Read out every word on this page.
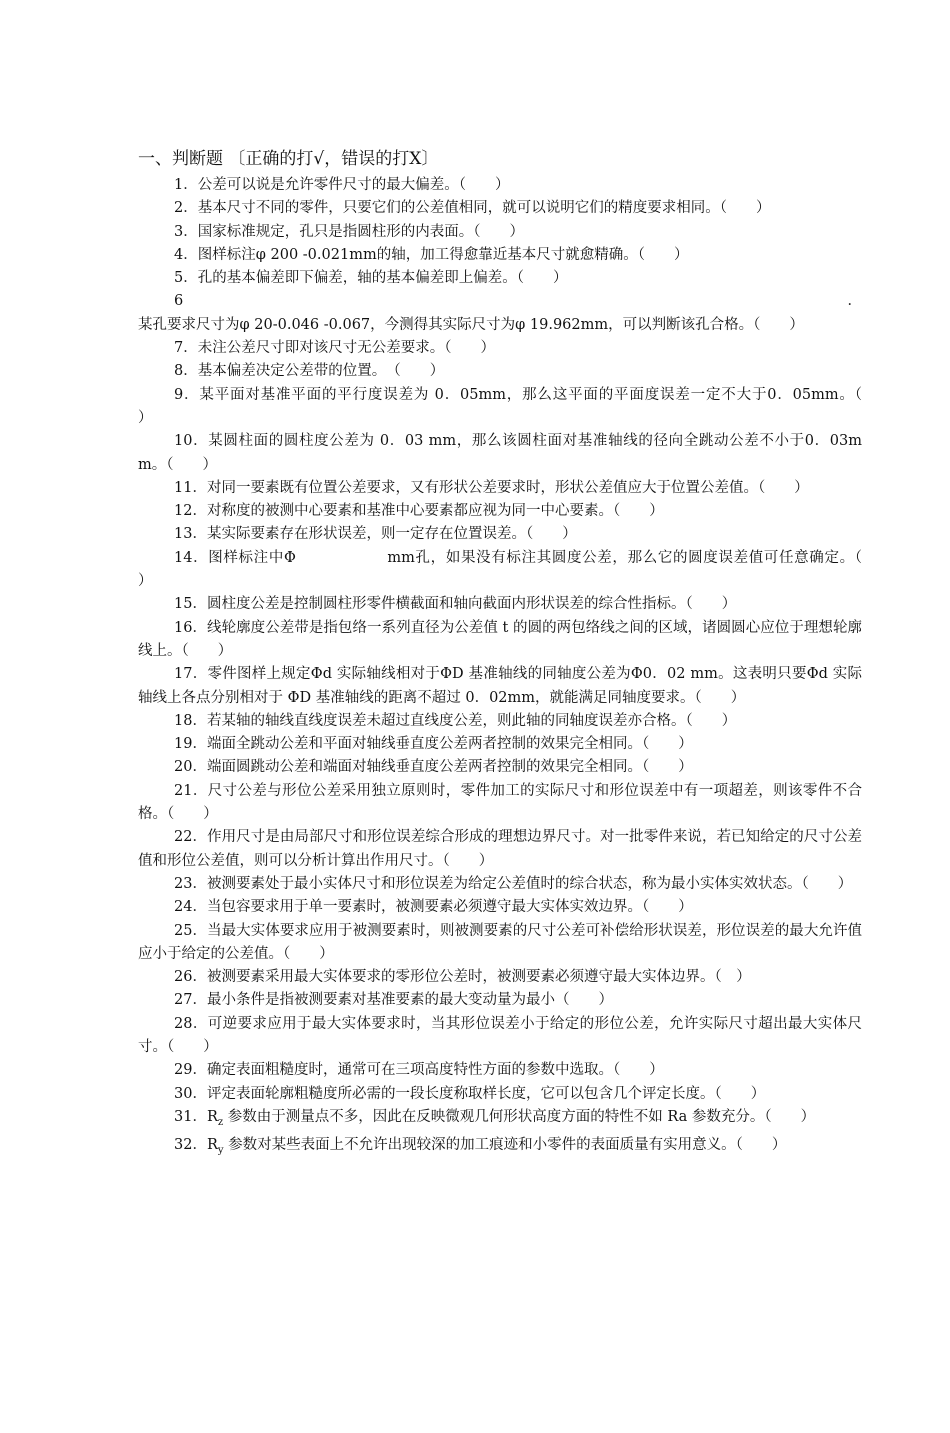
一、判断题 〔正确的打√，错误的打X〕
1．公差可以说是允许零件尺寸的最大偏差。（　　）
2．基本尺寸不同的零件，只要它们的公差值相同，就可以说明它们的精度要求相同。（　　）
3．国家标准规定，孔只是指圆柱形的内表面。（　　）
4．图样标注φ 200 -0.021mm的轴，加工得愈靠近基本尺寸就愈精确。（　　）
5．孔的基本偏差即下偏差，轴的基本偏差即上偏差。（　　）
6．某孔要求尺寸为φ 20-0.046 -0.067，今测得其实际尺寸为φ 19.962mm，可以判断该孔合格。（　　）
7．未注公差尺寸即对该尺寸无公差要求。（　　）
8．基本偏差决定公差带的位置。　（　　）
9．某平面对基准平面的平行度误差为 0．05mm，那么这平面的平面度误差一定不大于0．05mm。（　　）
10．某圆柱面的圆柱度公差为 0．03 mm，那么该圆柱面对基准轴线的径向全跳动公差不小于0．03mm。（　　）
11．对同一要素既有位置公差要求，又有形状公差要求时，形状公差值应大于位置公差值。（　　）
12．对称度的被测中心要素和基准中心要素都应视为同一中心要素。（　　）
13．某实际要素存在形状误差，则一定存在位置误差。（　　）
14．图样标注中Φ　　　　　　mm孔，如果没有标注其圆度公差，那么它的圆度误差值可任意确定。（　　）
15．圆柱度公差是控制圆柱形零件横截面和轴向截面内形状误差的综合性指标。（　　）
16．线轮廓度公差带是指包络一系列直径为公差值 t 的圆的两包络线之间的区域，诸圆圆心应位于理想轮廓线上。（　　）
17．零件图样上规定Φd 实际轴线相对于ΦD 基准轴线的同轴度公差为Φ0．02 mm。这表明只要Φd 实际轴线上各点分别相对于 ΦD 基准轴线的距离不超过 0．02mm，就能满足同轴度要求。（　　）
18．若某轴的轴线直线度误差未超过直线度公差，则此轴的同轴度误差亦合格。（　　）
19．端面全跳动公差和平面对轴线垂直度公差两者控制的效果完全相同。（　　）
20．端面圆跳动公差和端面对轴线垂直度公差两者控制的效果完全相同。（　　）
21．尺寸公差与形位公差采用独立原则时，零件加工的实际尺寸和形位误差中有一项超差，则该零件不合格。（　　）
22．作用尺寸是由局部尺寸和形位误差综合形成的理想边界尺寸。对一批零件来说，若已知给定的尺寸公差值和形位公差值，则可以分析计算出作用尺寸。（　　）
23．被测要素处于最小实体尺寸和形位误差为给定公差值时的综合状态，称为最小实体实效状态。（　　）
24．当包容要求用于单一要素时，被测要素必须遵守最大实体实效边界。（　　）
25．当最大实体要求应用于被测要素时，则被测要素的尺寸公差可补偿给形状误差，形位误差的最大允许值应小于给定的公差值。（　　）
26．被测要素采用最大实体要求的零形位公差时，被测要素必须遵守最大实体边界。（　）
27．最小条件是指被测要素对基准要素的最大变动量为最小（　　）
28．可逆要求应用于最大实体要求时，当其形位误差小于给定的形位公差，允许实际尺寸超出最大实体尺寸。（　　）
29．确定表面粗糙度时，通常可在三项高度特性方面的参数中选取。（　　）
30．评定表面轮廓粗糙度所必需的一段长度称取样长度，它可以包含几个评定长度。（　　）
31．$R_z$ 参数由于测量点不多，因此在反映微观几何形状高度方面的特性不如 Ra 参数充分。（　　）
32．$R_y$ 参数对某些表面上不允许出现较深的加工痕迹和小零件的表面质量有实用意义。（　　）
